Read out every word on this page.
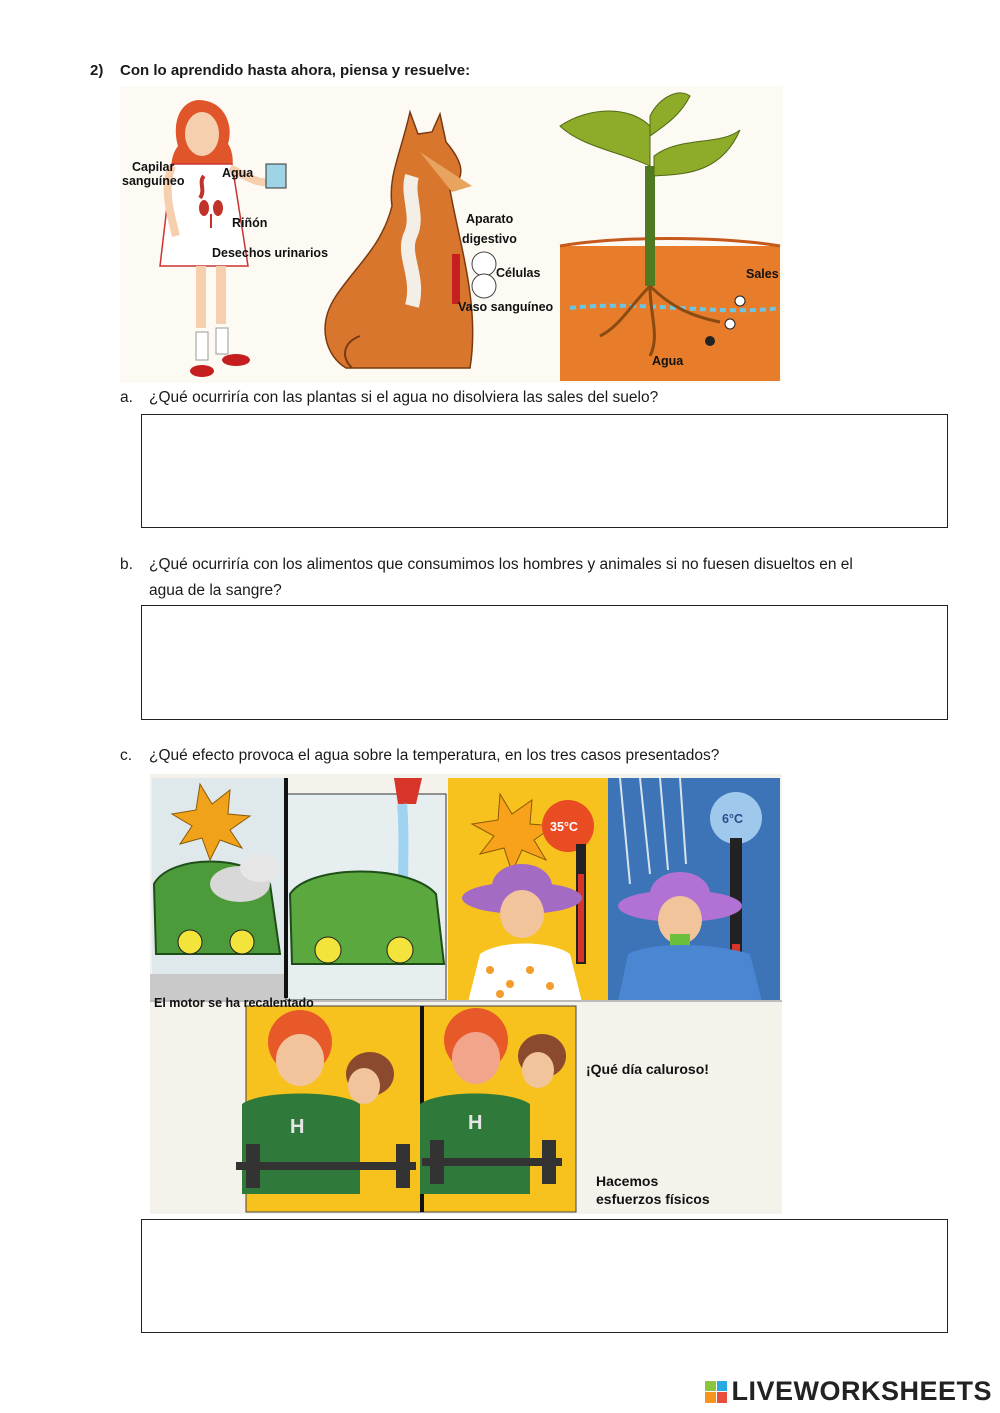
2) Con lo aprendido hasta ahora, piensa y resuelve:
Capilar
sanguíneo
Agua
Riñón
Desechos urinarios
Aparato
digestivo
Células
Vaso sanguíneo
Sales
Agua
a. ¿Qué ocurriría con las plantas si el agua no disolviera las sales del suelo?
b. ¿Qué ocurriría con los alimentos que consumimos los hombres y animales si no fuesen disueltos en el
agua de la sangre?
c. ¿Qué efecto provoca el agua sobre la temperatura, en los tres casos presentados?
El motor se ha recalentado
¡Qué día caluroso!
Hacemos
esfuerzos físicos
35°C
6°C
H	H
LIVEWORKSHEETS
